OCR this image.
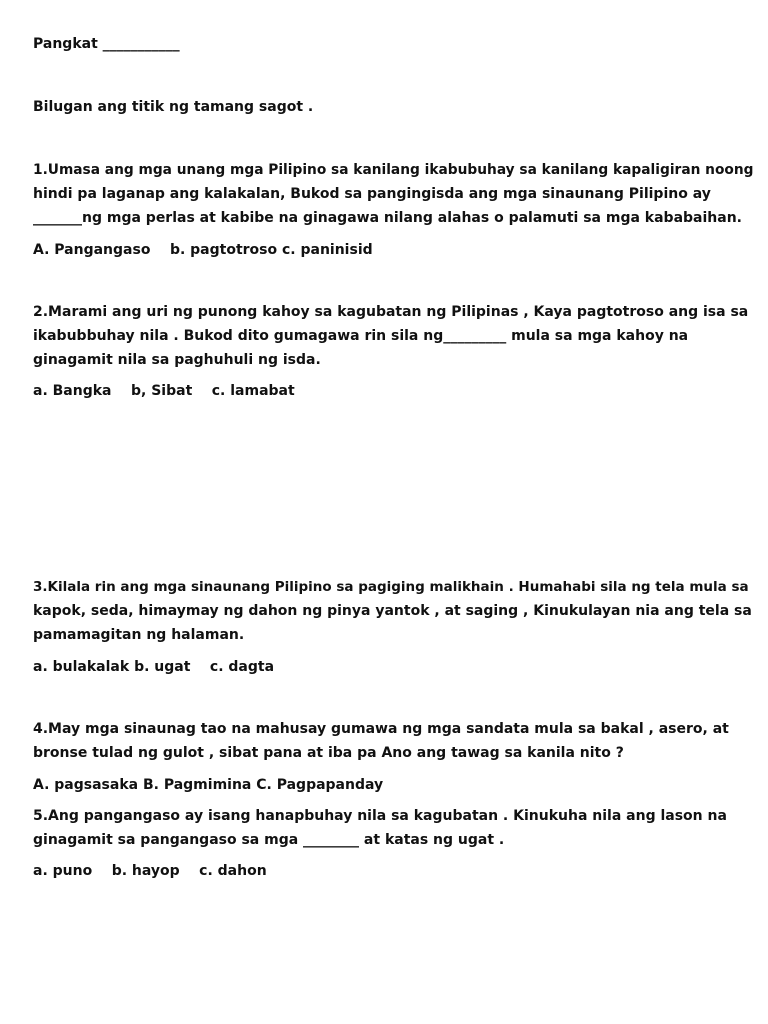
Pangkat ___________

Bilugan ang titik ng tamang sagot .

1.Umasa ang mga unang mga Pilipino sa kanilang ikabubuhay sa kanilang kapaligiran noong

hindi pa laganap ang kalakalan, Bukod sa pangingisda ang mga sinaunang Pilipino ay

_______ng mga perlas at kabibe na ginagawa nilang alahas o palamuti sa mga kababaihan.

A. Pangangaso    b. pagtotroso c. paninisid

2.Marami ang uri ng punong kahoy sa kagubatan ng Pilipinas , Kaya pagtotroso ang isa sa

ikabubbuhay nila . Bukod dito gumagawa rin sila ng_________ mula sa mga kahoy na

ginagamit nila sa paghuhuli ng isda.

a. Bangka    b, Sibat    c. lamabat

3.Kilala rin ang mga sinaunang Pilipino sa pagiging malikhain . Humahabi sila ng tela mula sa

kapok, seda, himaymay ng dahon ng pinya yantok , at saging , Kinukulayan nia ang tela sa

pamamagitan ng halaman.

a. bulakalak b. ugat    c. dagta

4.May mga sinaunag tao na mahusay gumawa ng mga sandata mula sa bakal , asero, at

bronse tulad ng gulot , sibat pana at iba pa Ano ang tawag sa kanila nito ?

A. pagsasaka B. Pagmimina C. Pagpapanday

5.Ang pangangaso ay isang hanapbuhay nila sa kagubatan . Kinukuha nila ang lason na

ginagamit sa pangangaso sa mga ________ at katas ng ugat .

a. puno    b. hayop    c. dahon
